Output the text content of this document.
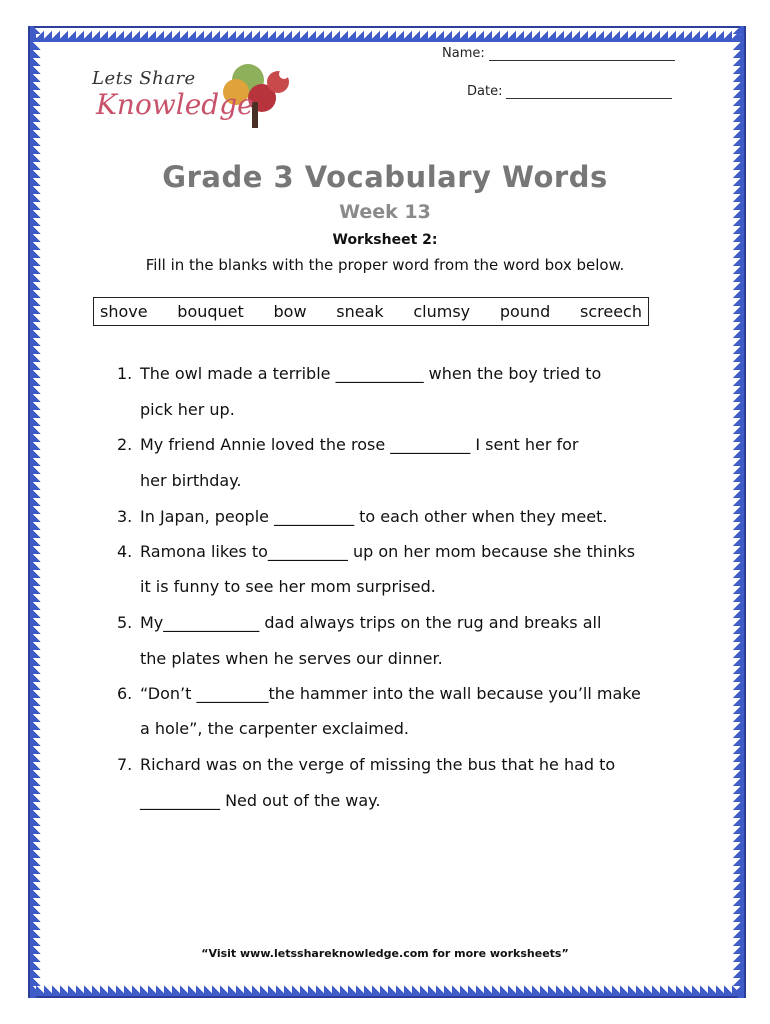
Name:
Date:
Lets Share
Knowledge
Grade 3 Vocabulary Words
Week 13
Worksheet 2:
Fill in the blanks with the proper word from the word box below.
shove bouquet bow sneak clumsy pound screech
1. The owl made a terrible ___________ when the boy tried to
pick her up.
2. My friend Annie loved the rose __________ I sent her for
her birthday.
3. In Japan, people __________ to each other when they meet.
4. Ramona likes to__________ up on her mom because she thinks
it is funny to see her mom surprised.
5. My____________ dad always trips on the rug and breaks all
the plates when he serves our dinner.
6. “Don’t _________the hammer into the wall because you’ll make
a hole”, the carpenter exclaimed.
7. Richard was on the verge of missing the bus that he had to
__________ Ned out of the way.
“Visit www.letsshareknowledge.com for more worksheets”
